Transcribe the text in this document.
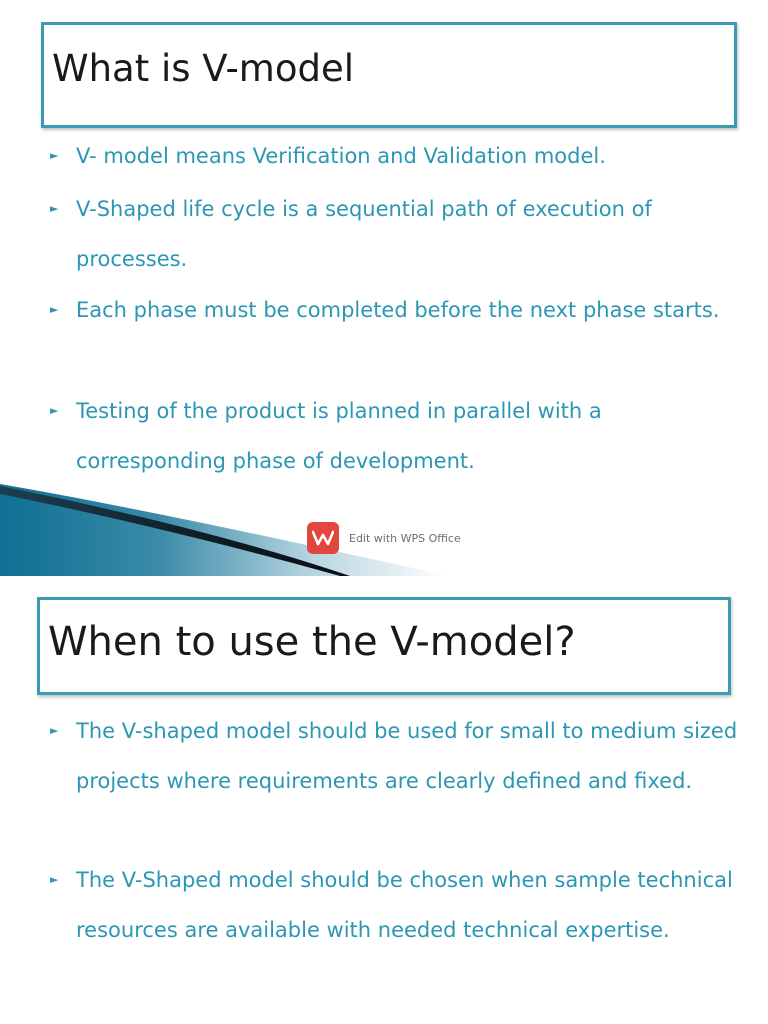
What is V-model
► V- model means Verification and Validation model.
► V-Shaped life cycle is a sequential path of execution of processes.
► Each phase must be completed before the next phase starts.
► Testing of the product is planned in parallel with a corresponding phase of development.
Edit with WPS Office
When to use the V-model?
► The V-shaped model should be used for small to medium sized projects where requirements are clearly defined and fixed.
► The V-Shaped model should be chosen when sample technical resources are available with needed technical expertise.
